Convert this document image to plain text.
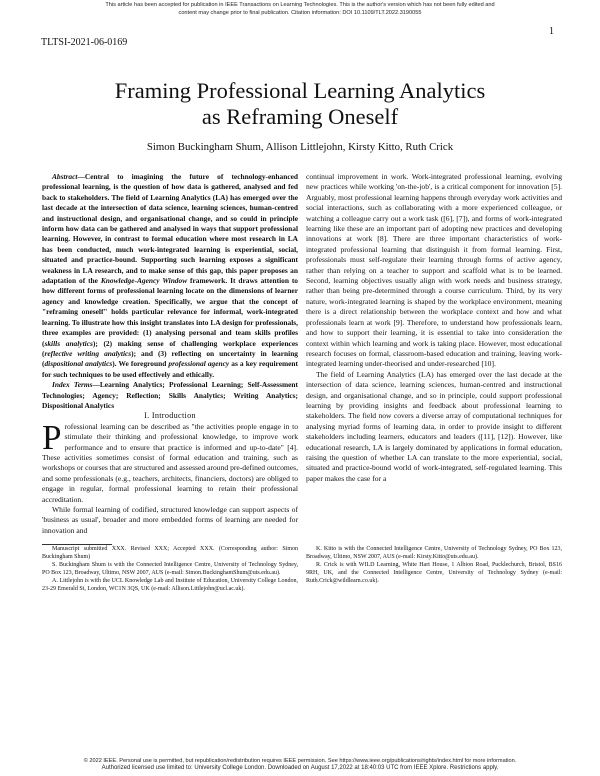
This article has been accepted for publication in IEEE Transactions on Learning Technologies. This is the author's version which has not been fully edited and
content may change prior to final publication. Citation information: DOI 10.1109/TLT.2022.3190055
1
TLTSI-2021-06-0169
Framing Professional Learning Analytics
as Reframing Oneself
Simon Buckingham Shum, Allison Littlejohn, Kirsty Kitto, Ruth Crick

Abstract—Central to imagining the future of technology-enhanced professional learning, is the question of how data is gathered, analysed and fed back to stakeholders. The field of Learning Analytics (LA) has emerged over the last decade at the intersection of data science, learning sciences, human-centred and instructional design, and organisational change, and so could in principle inform how data can be gathered and analysed in ways that support professional learning. However, in contrast to formal education where most research in LA has been conducted, much work-integrated learning is experiential, social, situated and practice-bound. Supporting such learning exposes a significant weakness in LA research, and to make sense of this gap, this paper proposes an adaptation of the Knowledge-Agency Window framework. It draws attention to how different forms of professional learning locate on the dimensions of learner agency and knowledge creation. Specifically, we argue that the concept of "reframing oneself" holds particular relevance for informal, work-integrated learning. To illustrate how this insight translates into LA design for professionals, three examples are provided: (1) analysing personal and team skills profiles (skills analytics); (2) making sense of challenging workplace experiences (reflective writing analytics); and (3) reflecting on uncertainty in learning (dispositional analytics). We foreground professional agency as a key requirement for such techniques to be used effectively and ethically.

Index Terms—Learning Analytics; Professional Learning; Self-Assessment Technologies; Agency; Reflection; Skills Analytics; Writing Analytics; Dispositional Analytics

I. Introduction

Professional learning can be described as "the activities people engage in to stimulate their thinking and professional knowledge, to improve work performance and to ensure that practice is informed and up-to-date" [4]. These activities sometimes consist of formal education and training, such as workshops or courses that are structured and assessed around pre-defined outcomes, and some professionals (e.g., teachers, architects, financiers, doctors) are obliged to engage in regular, formal professional learning to retain their professional accreditation.

While formal learning of codified, structured knowledge can support aspects of 'business as usual', broader and more embedded forms of learning are needed for innovation and

continual improvement in work. Work-integrated professional learning, evolving new practices while working 'on-the-job', is a critical component for innovation [5]. Arguably, most professional learning happens through everyday work activities and social interactions, such as collaborating with a more experienced colleague, or watching a colleague carry out a work task ([6], [7]), and forms of work-integrated learning like these are an important part of adopting new practices and developing innovations at work [8]. There are three important characteristics of work-integrated professional learning that distinguish it from formal learning. First, professionals must self-regulate their learning through forms of active agency, rather than relying on a teacher to support and scaffold what is to be learned. Second, learning objectives usually align with work needs and business strategy, rather than being pre-determined through a course curriculum. Third, by its very nature, work-integrated learning is shaped by the workplace environment, meaning there is a direct relationship between the workplace context and how and what professionals learn at work [9]. Therefore, to understand how professionals learn, and how to support their learning, it is essential to take into consideration the context within which learning and work is taking place. However, most educational research focuses on formal, classroom-based education and training, leaving work-integrated learning under-theorised and under-researched [10].

The field of Learning Analytics (LA) has emerged over the last decade at the intersection of data science, learning sciences, human-centred and instructional design, and organisational change, and so in principle, could support professional learning by providing insights and feedback about professional learning to stakeholders. The field now covers a diverse array of computational techniques for analysing myriad forms of learning data, in order to provide insight to different stakeholders including learners, educators and leaders ([11], [12]). However, like educational research, LA is largely dominated by applications in formal education, raising the question of whether LA can translate to the more experiential, social, situated and practice-bound world of work-integrated, self-regulated learning. This paper makes the case for a

Manuscript submitted XXX. Revised XXX; Accepted XXX. (Corresponding author: Simon Buckingham Shum)

S. Buckingham Shum is with the Connected Intelligence Centre, University of Technology Sydney, PO Box 123, Broadway, Ultimo, NSW 2007, AUS (e-mail: Simon.BuckinghamShum@uts.edu.au).

A. Littlejohn is with the UCL Knowledge Lab and Institute of Education, University College London, 23-29 Emerald St, London, WC1N 3QS, UK (e-mail: Allison.Littlejohn@ucl.ac.uk).

K. Kitto is with the Connected Intelligence Centre, University of Technology Sydney, PO Box 123, Broadway, Ultimo, NSW 2007, AUS (e-mail: Kirsty.Kitto@uts.edu.au).

R. Crick is with WILD Learning, White Hart House, 1 Albion Road, Pucklechurch, Bristol, BS16 9RH, UK, and the Connected Intelligence Centre, University of Technology Sydney (e-mail: Ruth.Crick@wildlearn.co.uk).

© 2022 IEEE. Personal use is permitted, but republication/redistribution requires IEEE permission. See https://www.ieee.org/publications/rights/index.html for more information.
Authorized licensed use limited to: University College London. Downloaded on August 17,2022 at 18:40:03 UTC from IEEE Xplore. Restrictions apply.
